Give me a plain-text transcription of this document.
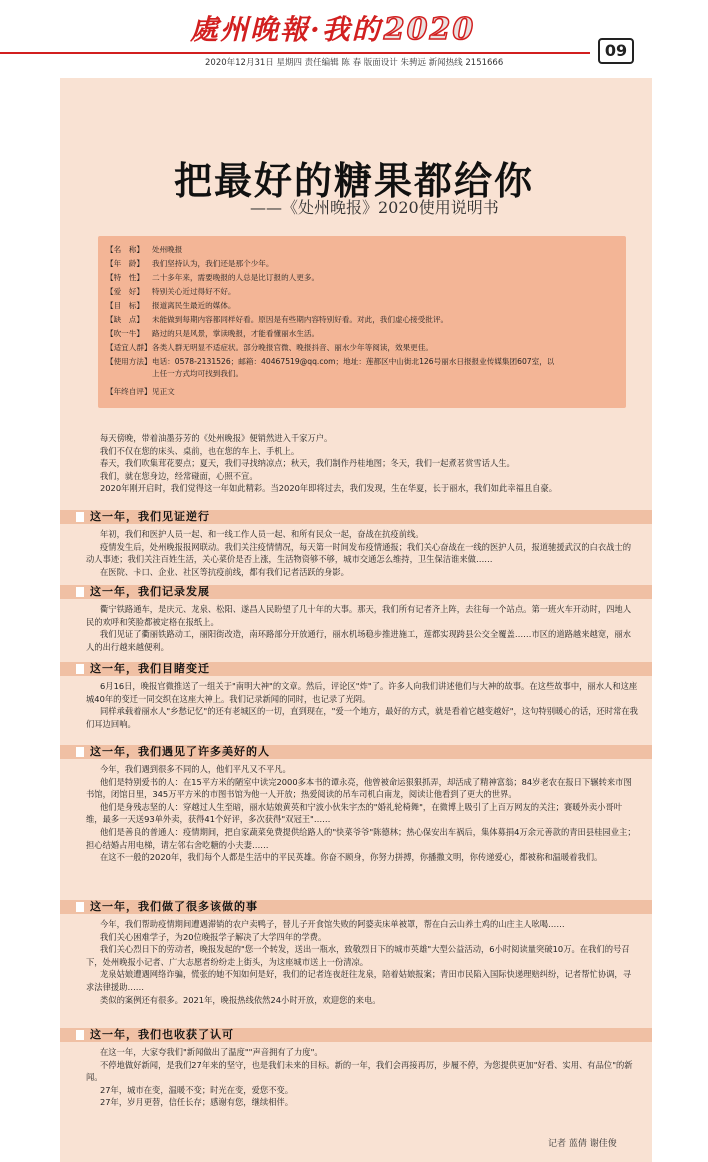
處州晚報·我的2020
09
2020年12月31日 星期四 责任编辑 陈 春 版面设计 朱骋远 新闻热线 2151666
把最好的糖果都给你
——《处州晚报》2020使用说明书
【名　称】 处州晚报
【年　龄】 我们坚持认为，我们还是那个少年。
【特　性】 二十多年来，需要晚报的人总是比订报的人更多。
【爱　好】 特别关心近过得好不好。
【目　标】 报道离民生最近的媒体。
【缺　点】 未能做到每期内容都同样好看。原因是有些期内容特别好看。对此，我们虚心接受批评。
【吹一牛】 路过的只是风景，掌读晚报，才能看懂丽水生活。
【适宜人群】各类人群无明显不适症状。部分晚报官微、晚报抖音、丽水少年等阅读，效果更佳。
【使用方法】电话：0578-2131526；邮箱：40467519@qq.com；地址：莲都区中山街北126号丽水日报报业传媒集团607室，以
上任一方式均可找到我们。
【年终自评】见正文

每天傍晚，带着油墨芬芳的《处州晚报》便销然进入千家万户。

我们不仅在您的床头、桌前，也在您的车上、手机上。

春天，我们吹集茸花要点；夏天，我们寻找纳凉点；秋天，我们制作丹桂地图；冬天，我们一起煮茗赏雪话人生。

我们，就在您身边，经常碰面，心照不宣。

2020年刚开启时，我们觉得这一年如此精彩。当2020年即将过去，我们发现，生在华夏，长于丽水，我们如此幸福且自豪。

这一年，我们见证逆行

年初，我们和医护人员一起、和一线工作人员一起、和所有民众一起，奋战在抗疫前线。

疫情发生后，处州晚报报网联动。我们关注疫情情况，每天第一时间发布疫情通报；我们关心奋战在一线的医护人员，报道驰援武汉的白衣战士的动人事迹；我们关注百姓生活，关心菜价是否上涨，生活物资够不够，城市交通怎么维持，卫生保洁谁来做……

在医院、卡口、企业、社区等抗疫前线，都有我们记者活跃的身影。

这一年，我们记录发展

衢宁铁路通车，是庆元、龙泉、松阳、遂昌人民盼望了几十年的大事。那天，我们所有记者齐上阵，去往每一个站点。第一班火车开动时，四地人民的欢呼和笑脸都被定格在报纸上。

我们见证了衢丽铁路动工，丽阳街改造，南环路部分开放通行，丽水机场稳步推进施工，莲都实现跨县公交全覆盖……市区的道路越来越宽，丽水人的出行越来越便利。

这一年，我们目睹变迁

6月16日，晚报官微推送了一组关于"南明大神"的文章。然后，评论区"炸"了。许多人向我们讲述他们与大神的故事。在这些故事中，丽水人和这座城40年的变迁一同交织在这座大神上。我们记录新闻的同时，也记录了光阴。

同样承载着丽水人"乡愁记忆"的还有老城区的一切，直到现在，"爱一个地方，最好的方式，就是看着它越变越好"，这句特别暖心的话，还时常在我们耳边回响。

这一年，我们遇见了许多美好的人

今年，我们遇到很多不同的人，他们平凡又不平凡。

他们是特别爱书的人：在15平方米的陋室中读完2000多本书的谭永亮，他曾被命运狠狠抓弄，却活成了精神富翁；84岁老农在报日下辗转来市图书馆，闭馆日里，345万平方米的市图书馆为他一人开放；热爱阅读的吊车司机白南龙，阅读让他看到了更大的世界。

他们是身残志坚的人：穿越过人生至暗，丽水姑娘黄英和宁波小伙朱宇杰的"婚礼轮椅舞"，在微博上吸引了上百万网友的关注；赛暖外卖小哥叶维，最多一天送93单外卖，获得41个好评，多次获得"双冠王"……

他们是善良的普通人：疫情期间，把自家蔬菜免费提供给路人的"快菜爷爷"陈德林；热心保安出车祸后，集体募捐4万余元善款的青田县桂园业主；担心结婚占用电梯，请左邻右舍吃糖的小夫妻……

在这不一般的2020年，我们每个人都是生活中的平民英雄。你奋不顾身，你努力拼搏，你播撒文明，你传递爱心，都被称和温暖着我们。

这一年，我们做了很多该做的事

今年，我们帮助疫情期间遭遇滞销的农户卖鸭子，替儿子开食馆失败的阿婆卖床单被罩，帮在白云山养土鸡的山庄主人吆喝……

我们关心困难学子，为20位晚报学子解决了大学四年的学费。

我们关心烈日下的劳动者，晚报发起的"您一个转发，送出一瓶水，致敬烈日下的城市英雄"大型公益活动，6小时阅读量突破10万。在我们的号召下，处州晚报小记者、广大志愿者纷纷走上街头，为这座城市送上一份清凉。

龙泉姑娘遭遇网络诈骗，慌张的她不知如何是好，我们的记者连夜赶往龙泉，陪着姑娘报案；青田市民陷入国际快递理赔纠纷，记者帮忙协调，寻求法律援助……

类似的案例还有很多。2021年，晚报热线依然24小时开放，欢迎您的来电。

这一年，我们也收获了认可

在这一年，大家夸我们"新闻做出了温度""声音拥有了力度"。

不停地做好新闻，是我们27年来的坚守，也是我们未来的目标。新的一年，我们会再接再厉，步履不停，为您提供更加"好看、实用、有品位"的新闻。

27年，城市在变，温暖不变；时光在变，爱您不变。

27年，岁月更替，信任长存；感谢有您，继续相伴。

记者 蓝倩 谢佳俊
